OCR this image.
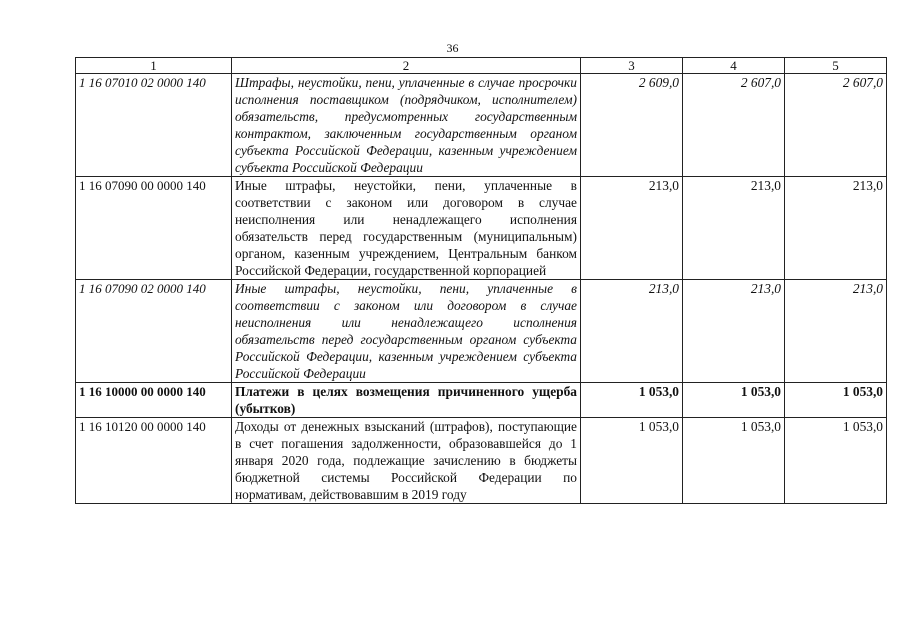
36
1	2	3	4	5
1 16 07010 02 0000 140	Штрафы, неустойки, пени, уплаченные в случае просрочки исполнения поставщиком (подрядчиком, исполнителем) обязательств, предусмотренных государственным контрактом, заключенным государственным органом субъекта Российской Федерации, казенным учреждением субъекта Российской Федерации	2 609,0	2 607,0	2 607,0
1 16 07090 00 0000 140	Иные штрафы, неустойки, пени, уплаченные в соответствии с законом или договором в случае неисполнения или ненадлежащего исполнения обязательств перед государственным (муниципальным) органом, казенным учреждением, Центральным банком Российской Федерации, государственной корпорацией	213,0	213,0	213,0
1 16 07090 02 0000 140	Иные штрафы, неустойки, пени, уплаченные в соответствии с законом или договором в случае неисполнения или ненадлежащего исполнения обязательств перед государственным органом субъекта Российской Федерации, казенным учреждением субъекта Российской Федерации	213,0	213,0	213,0
1 16 10000 00 0000 140	Платежи в целях возмещения причиненного ущерба (убытков)	1 053,0	1 053,0	1 053,0
1 16 10120 00 0000 140	Доходы от денежных взысканий (штрафов), поступающие в счет погашения задолженности, образовавшейся до 1 января 2020 года, подлежащие зачислению в бюджеты бюджетной системы Российской Федерации по нормативам, действовавшим в 2019 году	1 053,0	1 053,0	1 053,0
